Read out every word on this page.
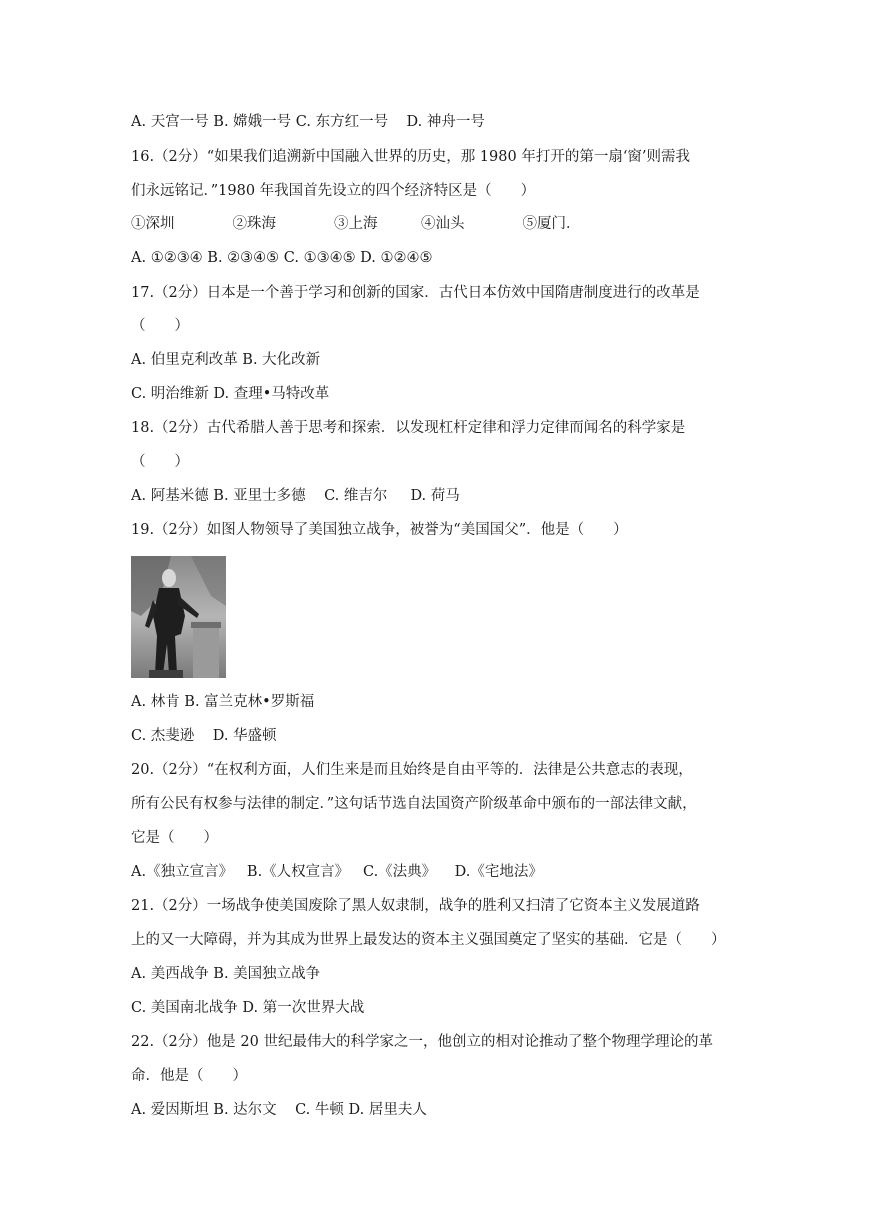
A. 天宫一号 B. 嫦娥一号 C. 东方红一号    D. 神舟一号

16.（2分）“如果我们追溯新中国融入世界的历史，那 1980 年打开的第一扇‘窗’则需我

们永远铭记．”1980 年我国首先设立的四个经济特区是（　　）

①深圳　　　　②珠海　　　　③上海　　　④汕头　　　　⑤厦门．

A. ①②③④ B. ②③④⑤ C. ①③④⑤ D. ①②④⑤

17.（2分）日本是一个善于学习和创新的国家．古代日本仿效中国隋唐制度进行的改革是

（　　）

A. 伯里克利改革 B. 大化改新

C. 明治维新 D. 查理•马特改革

18.（2分）古代希腊人善于思考和探索．以发现杠杆定律和浮力定律而闻名的科学家是

（　　）

A. 阿基米德 B. 亚里士多德    C. 维吉尔     D. 荷马

19.（2分）如图人物领导了美国独立战争，被誉为“美国国父”．他是（　　）

A. 林肯 B. 富兰克林•罗斯福

C. 杰斐逊    D. 华盛顿

20.（2分）“在权利方面，人们生来是而且始终是自由平等的．法律是公共意志的表现，

所有公民有权参与法律的制定．”这句话节选自法国资产阶级革命中颁布的一部法律文献，

它是（　　）

A.《独立宣言》   B.《人权宣言》   C.《法典》    D.《宅地法》

21.（2分）一场战争使美国废除了黑人奴隶制，战争的胜利又扫清了它资本主义发展道路

上的又一大障碍，并为其成为世界上最发达的资本主义强国奠定了坚实的基础．它是（　　）

A. 美西战争 B. 美国独立战争

C. 美国南北战争 D. 第一次世界大战

22.（2分）他是 20 世纪最伟大的科学家之一，他创立的相对论推动了整个物理学理论的革

命．他是（　　）

A. 爱因斯坦 B. 达尔文    C. 牛顿 D. 居里夫人
